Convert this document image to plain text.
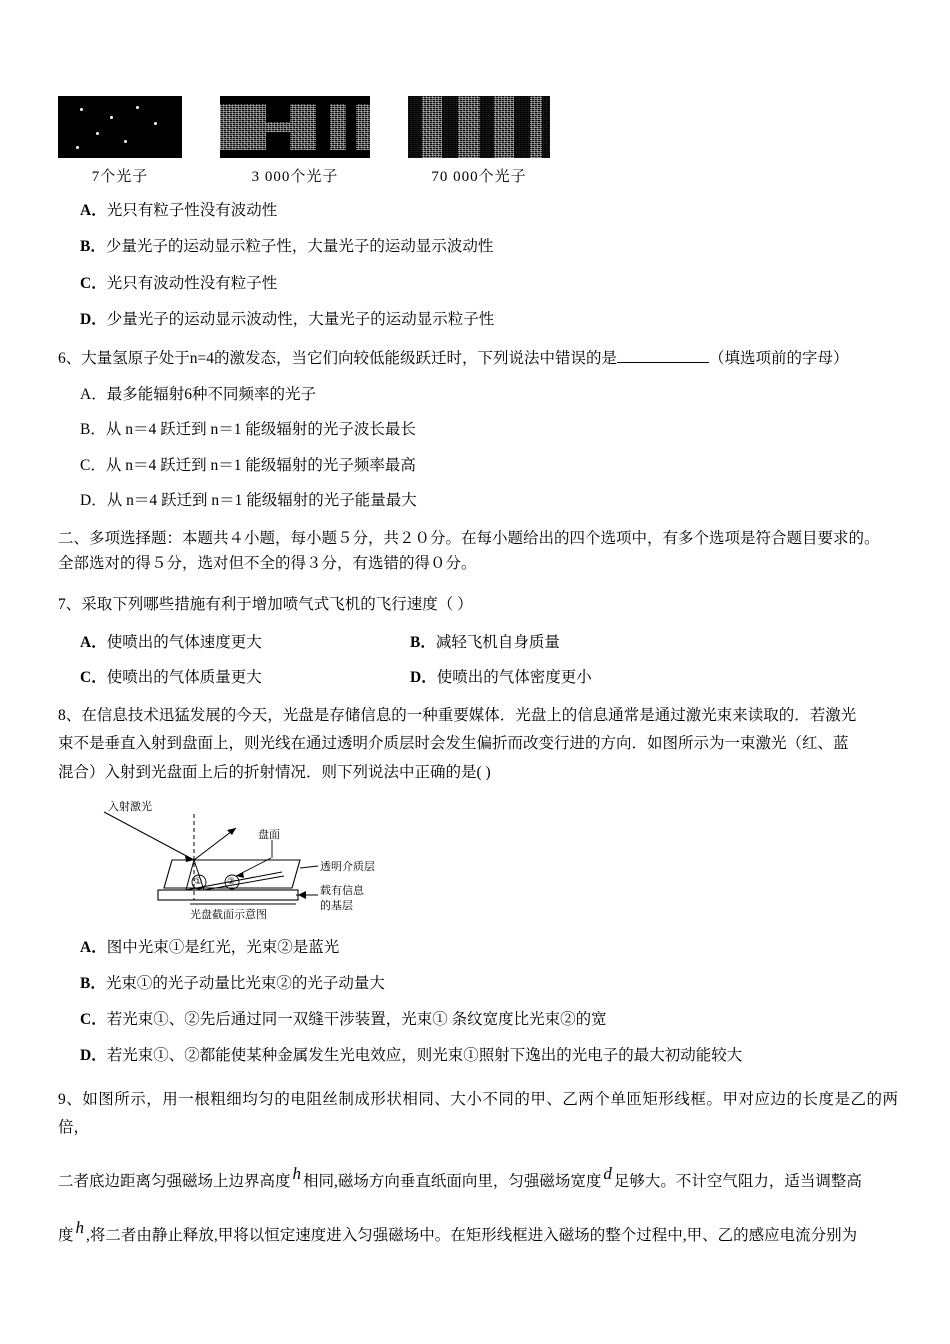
7个光子	3 000个光子	70 000个光子
A．光只有粒子性没有波动性
B．少量光子的运动显示粒子性，大量光子的运动显示波动性
C．光只有波动性没有粒子性
D．少量光子的运动显示波动性，大量光子的运动显示粒子性
6、大量氢原子处于n=4的激发态，当它们向较低能级跃迁时，下列说法中错误的是	（填选项前的字母）
A．最多能辐射6种不同频率的光子
B．从 n＝4 跃迁到 n＝1 能级辐射的光子波长最长
C．从 n＝4 跃迁到 n＝1 能级辐射的光子频率最高
D．从 n＝4 跃迁到 n＝1 能级辐射的光子能量最大
二、多项选择题：本题共４小题，每小题５分，共２０分。在每小题给出的四个选项中，有多个选项是符合题目要求的。
全部选对的得５分，选对但不全的得３分，有选错的得０分。
7、采取下列哪些措施有利于增加喷气式飞机的飞行速度（ ）
A．使喷出的气体速度更大	B．减轻飞机自身质量
C．使喷出的气体质量更大	D．使喷出的气体密度更小
8、在信息技术迅猛发展的今天，光盘是存储信息的一种重要媒体．光盘上的信息通常是通过激光束来读取的．若激光
束不是垂直入射到盘面上，则光线在通过透明介质层时会发生偏折而改变行进的方向．如图所示为一束激光（红、蓝
混合）入射到光盘面上后的折射情况．则下列说法中正确的是( )
入射激光
盘面
透明介质层
载有信息
的基层
光盘截面示意图
①	②
A．图中光束①是红光，光束②是蓝光
B．光束①的光子动量比光束②的光子动量大
C．若光束①、②先后通过同一双缝干涉装置，光束① 条纹宽度比光束②的宽
D．若光束①、②都能使某种金属发生光电效应，则光束①照射下逸出的光电子的最大初动能较大
9、如图所示，用一根粗细均匀的电阻丝制成形状相同、大小不同的甲、乙两个单匝矩形线框。甲对应边的长度是乙的两倍，
二者底边距离匀强磁场上边界高度 h 相同,磁场方向垂直纸面向里，匀强磁场宽度 d 足够大。不计空气阻力，适当调整高
度 h ,将二者由静止释放,甲将以恒定速度进入匀强磁场中。在矩形线框进入磁场的整个过程中,甲、乙的感应电流分别为
